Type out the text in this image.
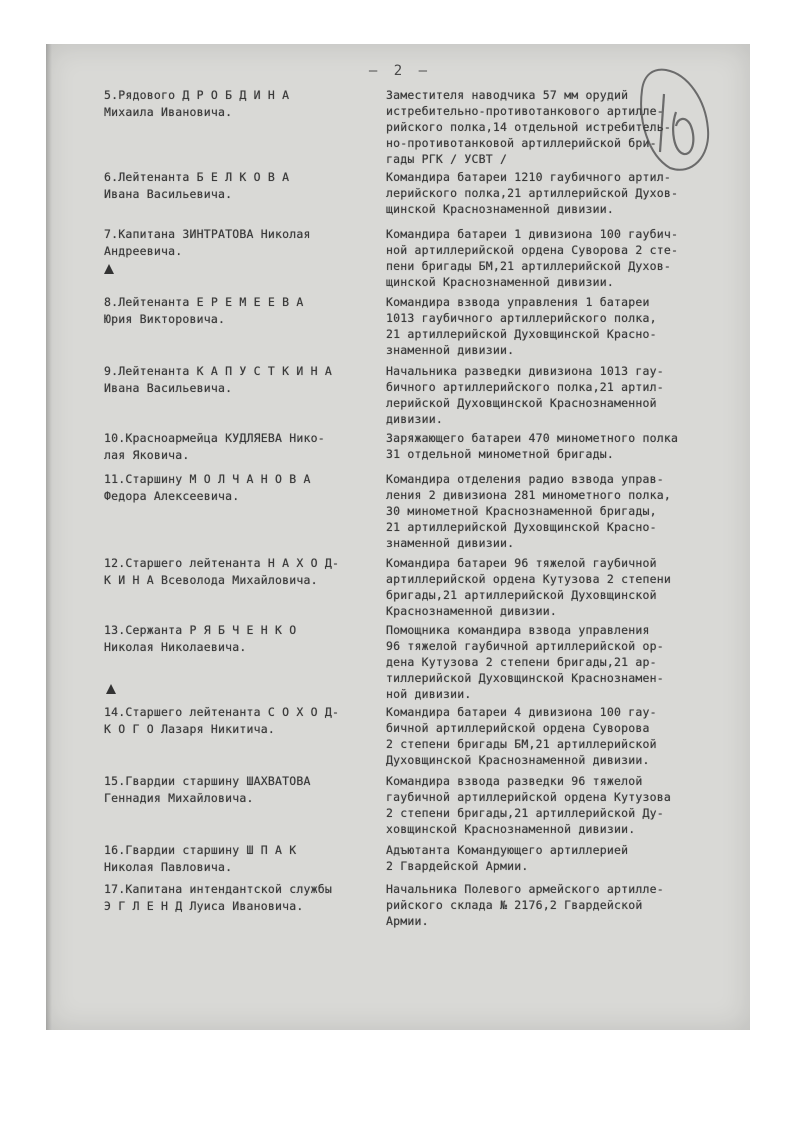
– 2 –
5.Рядового Д Р О Б Д И Н А
Михаила Ивановича.
Заместителя наводчика 57 мм орудий
истребительно-противотанкового артилле-
рийского полка,14 отдельной истребитель-
но-противотанковой артиллерийской бри-
гады РГК / УСВТ /
6.Лейтенанта Б Е Л К О В А
Ивана Васильевича.
Командира батареи 1210 гаубичного артил-
лерийского полка,21 артиллерийской Духов-
щинской Краснознаменной дивизии.
7.Капитана ЗИНТРАТОВА Николая
Андреевича.
Командира батареи 1 дивизиона 100 гаубич-
ной артиллерийской ордена Суворова 2 сте-
пени бригады БМ,21 артиллерийской Духов-
щинской Краснознаменной дивизии.
8.Лейтенанта Е Р Е М Е Е В А
Юрия Викторовича.
Командира взвода управления 1 батареи
1013 гаубичного артиллерийского полка,
21 артиллерийской Духовщинской Красно-
знаменной дивизии.
9.Лейтенанта К А П У С Т К И Н А
Ивана Васильевича.
Начальника разведки дивизиона 1013 гау-
бичного артиллерийского полка,21 артил-
лерийской Духовщинской Краснознаменной
дивизии.
10.Красноармейца КУДЛЯЕВА Нико-
лая Яковича.
Заряжающего батареи 470 минометного полка
31 отдельной минометной бригады.
11.Старшину М О Л Ч А Н О В А
Федора Алексеевича.
Командира отделения радио взвода управ-
ления 2 дивизиона 281 минометного полка,
30 минометной Краснознаменной бригады,
21 артиллерийской Духовщинской Красно-
знаменной дивизии.
12.Старшего лейтенанта Н А Х О Д-
К И Н А Всеволода Михайловича.
Командира батареи 96 тяжелой гаубичной
артиллерийской ордена Кутузова 2 степени
бригады,21 артиллерийской Духовщинской
Краснознаменной дивизии.
13.Сержанта Р Я Б Ч Е Н К О
Николая Николаевича.
Помощника командира взвода управления
96 тяжелой гаубичной артиллерийской ор-
дена Кутузова 2 степени бригады,21 ар-
тиллерийской Духовщинской Краснознамен-
ной дивизии.
14.Старшего лейтенанта С О Х О Д-
К О Г О Лазаря Никитича.
Командира батареи 4 дивизиона 100 гау-
бичной артиллерийской ордена Суворова
2 степени бригады БМ,21 артиллерийской
Духовщинской Краснознаменной дивизии.
15.Гвардии старшину ШАХВАТОВА
Геннадия Михайловича.
Командира взвода разведки 96 тяжелой
гаубичной артиллерийской ордена Кутузова
2 степени бригады,21 артиллерийской Ду-
ховщинской Краснознаменной дивизии.
16.Гвардии старшину Ш П А К
Николая Павловича.
Адъютанта Командующего артиллерией
2 Гвардейской Армии.
17.Капитана интендантской службы
Э Г Л Е Н Д Луиса Ивановича.
Начальника Полевого армейского артилле-
рийского склада № 2176,2 Гвардейской
Армии.
